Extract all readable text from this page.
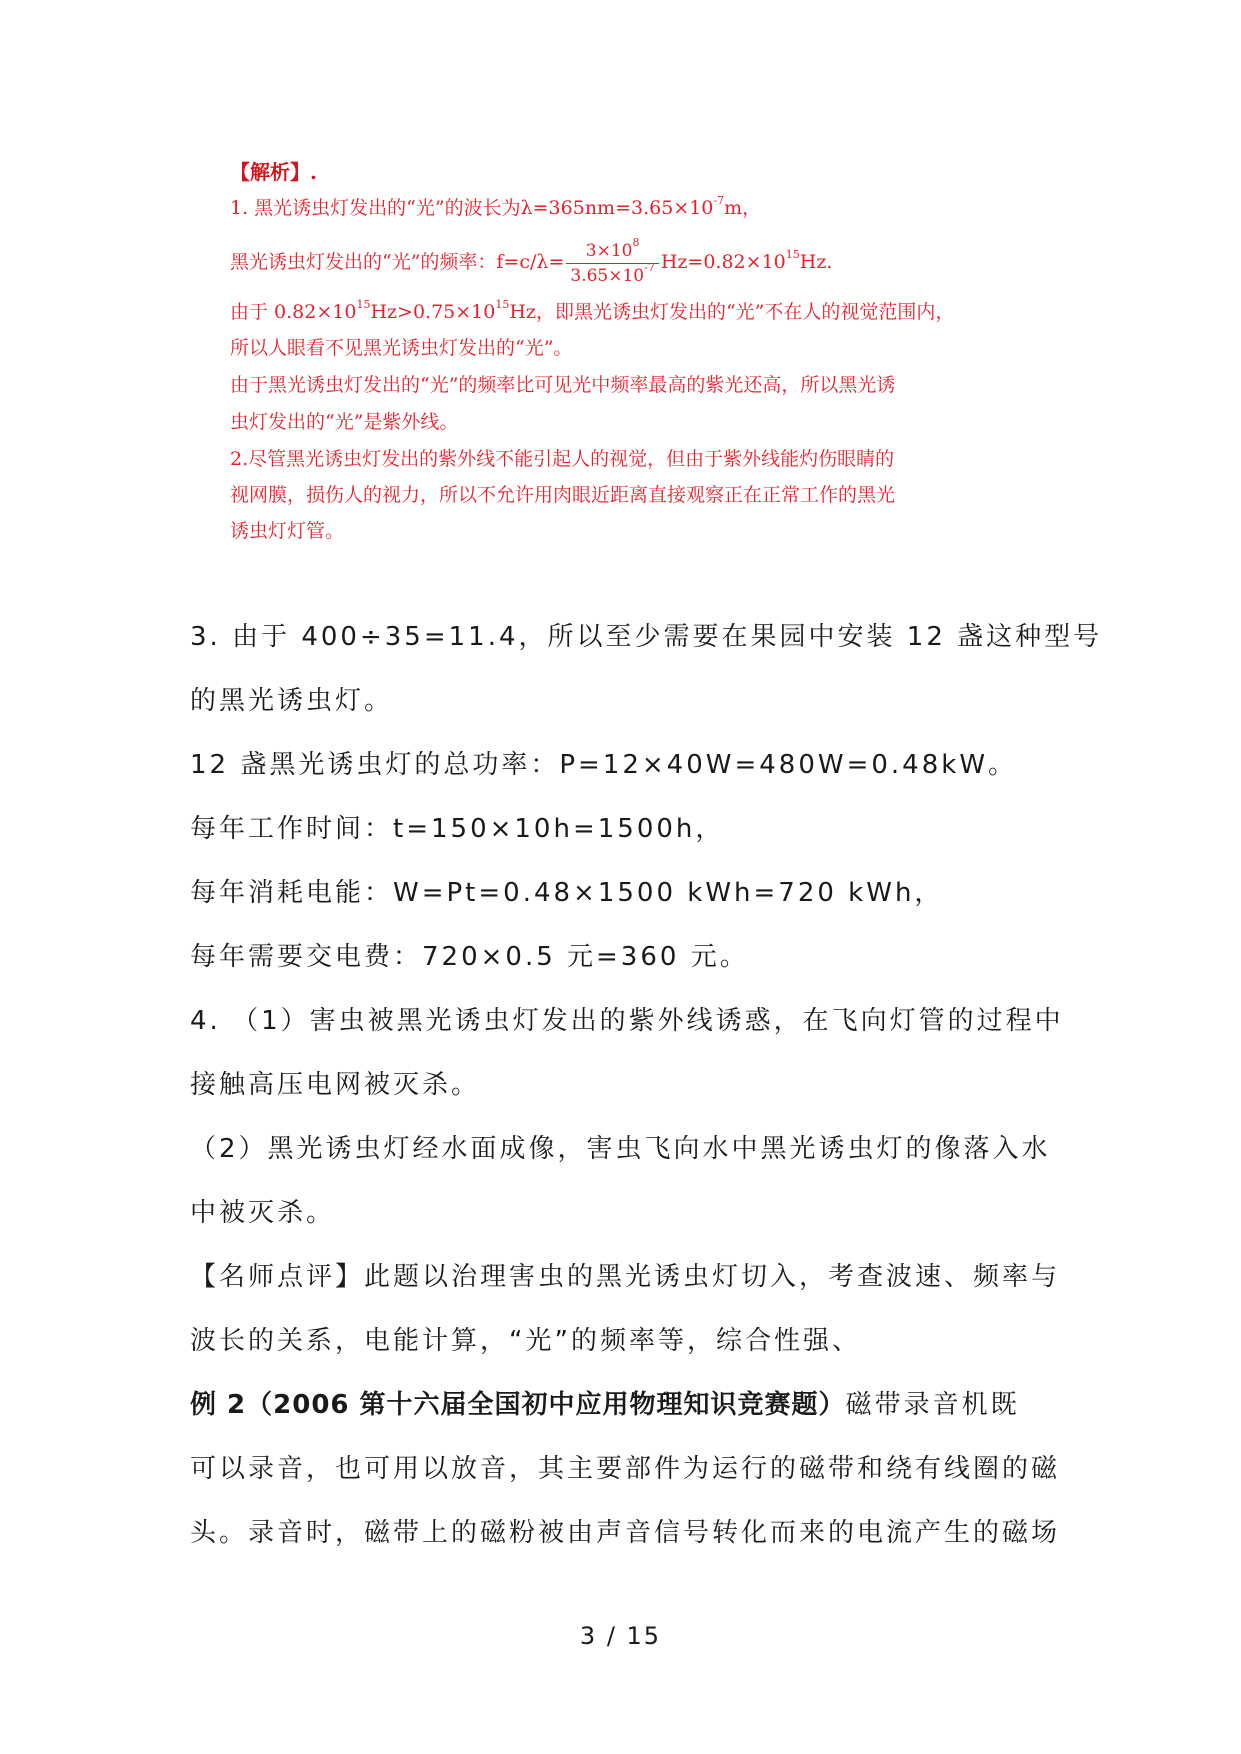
【解析】.
1. 黑光诱虫灯发出的“光”的波长为$\lambda=365nm=3.65\times 10^{-7}m$，
黑光诱虫灯发出的“光”的频率：$f=c/\lambda= \frac{3\times 10^8}{3.65\times 10^{-7}} Hz=0.82\times 10^{15}Hz$.
由于 $0.82\times 10^{15}Hz>0.75\times 10^{15}Hz$，即黑光诱虫灯发出的“光”不在人的视觉范围内，
所以人眼看不见黑光诱虫灯发出的“光”。
由于黑光诱虫灯发出的“光”的频率比可见光中频率最高的紫光还高，所以黑光诱
虫灯发出的“光”是紫外线。
2.尽管黑光诱虫灯发出的紫外线不能引起人的视觉，但由于紫外线能灼伤眼睛的
视网膜，损伤人的视力，所以不允许用肉眼近距离直接观察正在正常工作的黑光
诱虫灯灯管。
3. 由于 400÷35=11.4，所以至少需要在果园中安装 12 盏这种型号
的黑光诱虫灯。
12 盏黑光诱虫灯的总功率：P=12×40W=480W=0.48kW。
每年工作时间：t=150×10h=1500h，
每年消耗电能：W=Pt=0.48×1500 kWh=720 kWh，
每年需要交电费：720×0.5 元=360 元。
4. （1）害虫被黑光诱虫灯发出的紫外线诱惑，在飞向灯管的过程中
接触高压电网被灭杀。
（2）黑光诱虫灯经水面成像，害虫飞向水中黑光诱虫灯的像落入水
中被灭杀。
【名师点评】此题以治理害虫的黑光诱虫灯切入，考查波速、频率与
波长的关系，电能计算，“光”的频率等，综合性强、
例 2（2006 第十六届全国初中应用物理知识竞赛题）磁带录音机既
可以录音，也可用以放音，其主要部件为运行的磁带和绕有线圈的磁
头。录音时，磁带上的磁粉被由声音信号转化而来的电流产生的磁场
3 / 15
